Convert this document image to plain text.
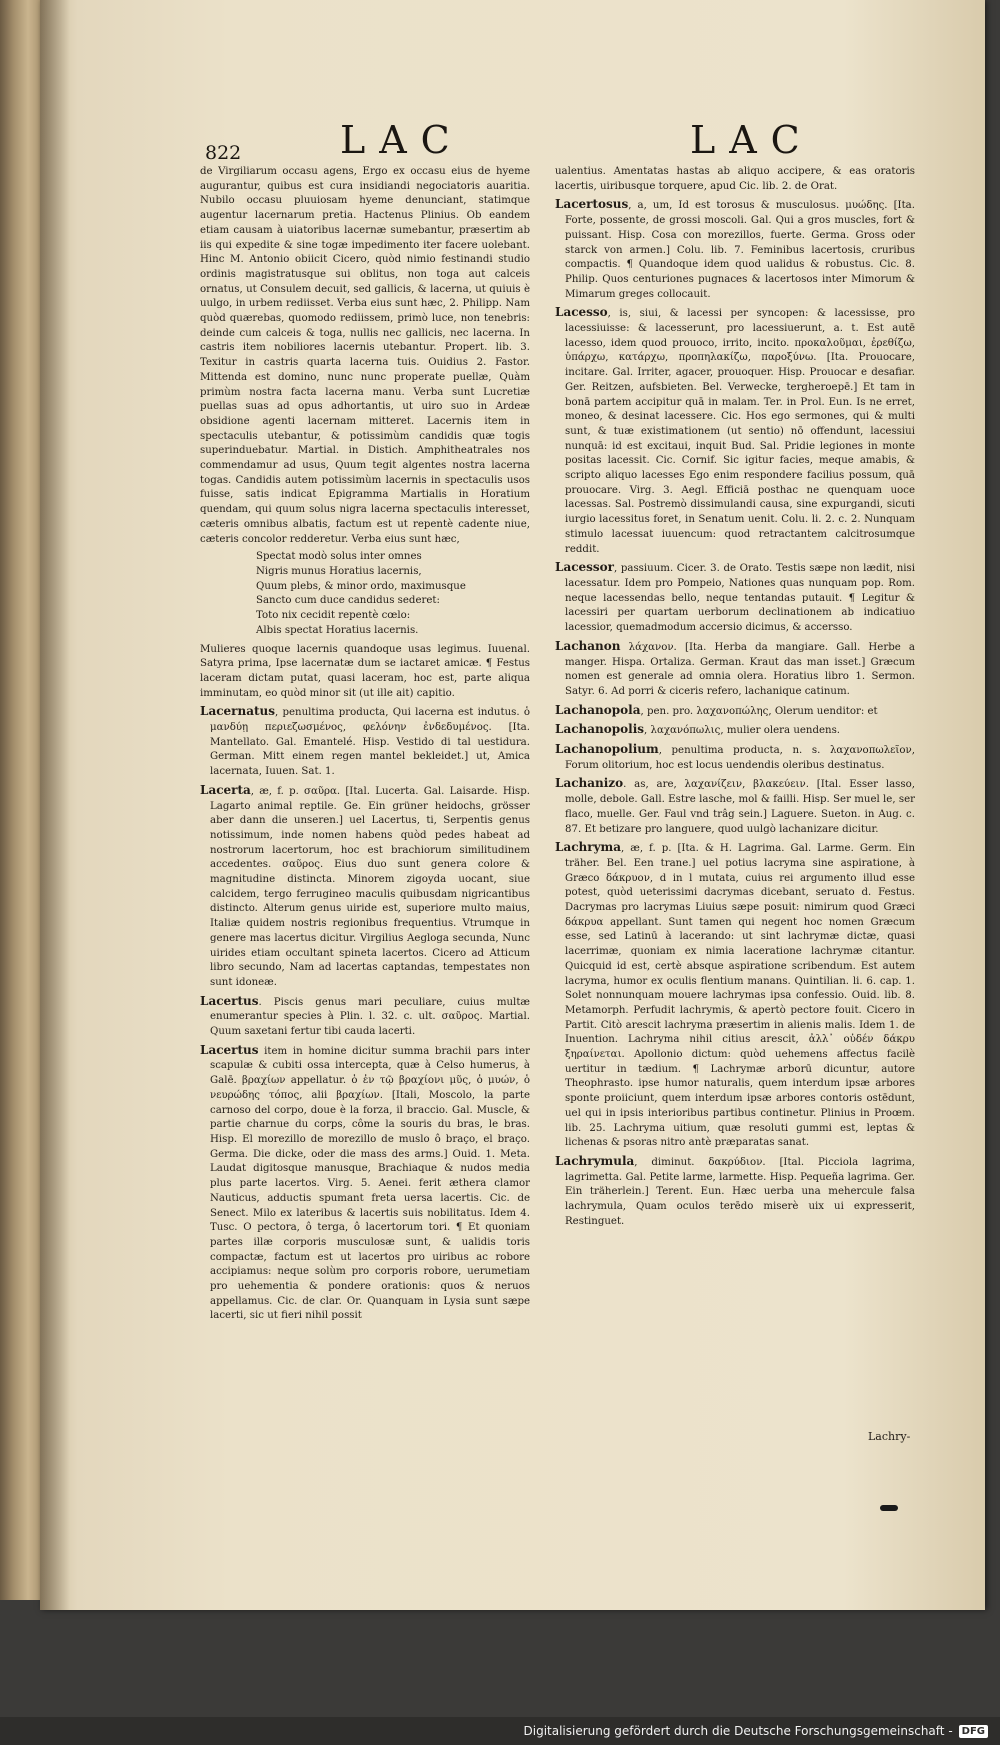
822	LAC	LAC

de Virgiliarum occasu agens, Ergo ex occasu eius de hyeme augurantur, quibus est cura insidiandi negociatoris auaritia. Nubilo occasu pluuiosam hyeme denunciant, statimque augentur lacernarum pretia. Hactenus Plinius. Ob eandem etiam causam à uiatoribus lacernæ sumebantur, præsertim ab iis qui expedite & sine togæ impedimento iter facere uolebant. Hinc M. Antonio obiicit Cicero, quòd nimio festinandi studio ordinis magistratusque sui oblitus, non toga aut calceis ornatus, ut Consulem decuit, sed gallicis, & lacerna, ut quiuis è uulgo, in urbem rediisset. Verba eius sunt hæc, 2. Philipp. Nam quòd quærebas, quomodo rediissem, primò luce, non tenebris: deinde cum calceis & toga, nullis nec gallicis, nec lacerna. In castris item nobiliores lacernis utebantur. Propert. lib. 3. Texitur in castris quarta lacerna tuis. Ouidius 2. Fastor. Mittenda est domino, nunc nunc properate puellæ, Quàm primùm nostra facta lacerna manu. Verba sunt Lucretiæ puellas suas ad opus adhortantis, ut uiro suo in Ardeæ obsidione agenti lacernam mitteret. Lacernis item in spectaculis utebantur, & potissimùm candidis quæ togis superinduebatur. Martial. in Distich. Amphitheatrales nos commendamur ad usus, Quum tegit algentes nostra lacerna togas. Candidis autem potissimùm lacernis in spectaculis usos fuisse, satis indicat Epigramma Martialis in Horatium quendam, qui quum solus nigra lacerna spectaculis interesset, cæteris omnibus albatis, factum est ut repentè cadente niue, cæteris concolor redderetur. Verba eius sunt hæc,

Spectat modò solus inter omnes
Nigris munus Horatius lacernis,
Quum plebs, & minor ordo, maximusque
Sancto cum duce candidus sederet:
Toto nix cecidit repentè cœlo:
Albis spectat Horatius lacernis.

Mulieres quoque lacernis quandoque usas legimus. Iuuenal. Satyra prima, Ipse lacernatæ dum se iactaret amicæ. ¶ Festus laceram dictam putat, quasi laceram, hoc est, parte aliqua imminutam, eo quòd minor sit (ut ille ait) capitio.

Lacernatus, penultima producta, Qui lacerna est indutus. ὁ μανδύῃ περιεζωσμένος, φελόνην ἐνδεδυμένος. [Ita. Mantellato. Gal. Emantelé. Hisp. Vestido di tal uestidura. German. Mitt einem regen mantel bekleidet.] ut, Amica lacernata, Iuuen. Sat. 1.

Lacerta, æ, f. p. σαῦρα. [Ital. Lucerta. Gal. Laisarde. Hisp. Lagarto animal reptile. Ge. Ein grüner heidochs, grösser aber dann die unseren.] uel Lacertus, ti, Serpentis genus notissimum, inde nomen habens quòd pedes habeat ad nostrorum lacertorum, hoc est brachiorum similitudinem accedentes. σαῦρος. Eius duo sunt genera colore & magnitudine distincta. Minorem zigoyda uocant, siue calcidem, tergo ferrugineo maculis quibusdam nigricantibus distincto. Alterum genus uiride est, superiore multo maius, Italiæ quidem nostris regionibus frequentius. Vtrumque in genere mas lacertus dicitur. Virgilius Aegloga secunda, Nunc uirides etiam occultant spineta lacertos. Cicero ad Atticum libro secundo, Nam ad lacertas captandas, tempestates non sunt idoneæ.

Lacertus. Piscis genus mari peculiare, cuius multæ enumerantur species à Plin. l. 32. c. ult. σαῦρος. Martial. Quum saxetani fertur tibi cauda lacerti.

Lacertus item in homine dicitur summa brachii pars inter scapulæ & cubiti ossa intercepta, quæ à Celso humerus, à Galē. βραχίων appellatur. ὁ ἐν τῷ βραχίονι μῦς, ὁ μυών, ὁ νευρώδης τόπος, alii βραχίων. [Itali, Moscolo, la parte carnoso del corpo, doue è la forza, il braccio. Gal. Muscle, & partie charnue du corps, côme la souris du bras, le bras. Hisp. El morezillo de morezillo de muslo ô braço, el braço. Germa. Die dicke, oder die mass des arms.] Ouid. 1. Meta. Laudat digitosque manusque, Brachiaque & nudos media plus parte lacertos. Virg. 5. Aenei. ferit æthera clamor Nauticus, adductis spumant freta uersa lacertis. Cic. de Senect. Milo ex lateribus & lacertis suis nobilitatus. Idem 4. Tusc. O pectora, ô terga, ô lacertorum tori. ¶ Et quoniam partes illæ corporis musculosæ sunt, & ualidis toris compactæ, factum est ut lacertos pro uiribus ac robore accipiamus: neque solùm pro corporis robore, uerumetiam pro uehementia & pondere orationis: quos & neruos appellamus. Cic. de clar. Or. Quanquam in Lysia sunt sæpe lacerti, sic ut fieri nihil possit

ualentius. Amentatas hastas ab aliquo accipere, & eas oratoris lacertis, uiribusque torquere, apud Cic. lib. 2. de Orat.

Lacertosus, a, um, Id est torosus & musculosus. μυώδης. [Ita. Forte, possente, de grossi moscoli. Gal. Qui a gros muscles, fort & puissant. Hisp. Cosa con morezillos, fuerte. Germa. Gross oder starck von armen.] Colu. lib. 7. Feminibus lacertosis, cruribus compactis. ¶ Quandoque idem quod ualidus & robustus. Cic. 8. Philip. Quos centuriones pugnaces & lacertosos inter Mimorum & Mimarum greges collocauit.

Lacesso, is, siui, & lacessi per syncopen: & lacessisse, pro lacessiuisse: & lacesserunt, pro lacessiuerunt, a. t. Est autē lacesso, idem quod prouoco, irrito, incito. προκαλοῦμαι, ἐρεθίζω, ὑπάρχω, κατάρχω, προπηλακίζω, παροξύνω. [Ita. Prouocare, incitare. Gal. Irriter, agacer, prouoquer. Hisp. Prouocar e desafiar. Ger. Reitzen, aufsbieten. Bel. Verwecke, tergheroepē.] Et tam in bonā partem accipitur quā in malam. Ter. in Prol. Eun. Is ne erret, moneo, & desinat lacessere. Cic. Hos ego sermones, qui & multi sunt, & tuæ existimationem (ut sentio) nō offendunt, lacessiui nunquā: id est excitaui, inquit Bud. Sal. Pridie legiones in monte positas lacessit. Cic. Cornif. Sic igitur facies, meque amabis, & scripto aliquo lacesses Ego enim respondere facilius possum, quā prouocare. Virg. 3. Aegl. Efficiā posthac ne quenquam uoce lacessas. Sal. Postremò dissimulandi causa, sine expurgandi, sicuti iurgio lacessitus foret, in Senatum uenit. Colu. li. 2. c. 2. Nunquam stimulo lacessat iuuencum: quod retractantem calcitrosumque reddit.

Lacessor, passiuum. Cicer. 3. de Orato. Testis sæpe non lædit, nisi lacessatur. Idem pro Pompeio, Nationes quas nunquam pop. Rom. neque lacessendas bello, neque tentandas putauit. ¶ Legitur & lacessiri per quartam uerborum declinationem ab indicatiuo lacessior, quemadmodum accersio dicimus, & accersso.

Lachanon λάχανον. [Ita. Herba da mangiare. Gall. Herbe a manger. Hispa. Ortaliza. German. Kraut das man isset.] Græcum nomen est generale ad omnia olera. Horatius libro 1. Sermon. Satyr. 6. Ad porri & ciceris refero, lachanique catinum.

Lachanopola, pen. pro. λαχανοπώλης, Olerum uenditor: et

Lachanopolis, λαχανόπωλις, mulier olera uendens.

Lachanopolium, penultima producta, n. s. λαχανοπωλεῖον, Forum olitorium, hoc est locus uendendis oleribus destinatus.

Lachanizo. as, are, λαχανίζειν, βλακεύειν. [Ital. Esser lasso, molle, debole. Gall. Estre lasche, mol & failli. Hisp. Ser muel le, ser flaco, muelle. Ger. Faul vnd trâg sein.] Laguere. Sueton. in Aug. c. 87. Et betizare pro languere, quod uulgò lachanizare dicitur.

Lachryma, æ, f. p. [Ita. & H. Lagrima. Gal. Larme. Germ. Ein träher. Bel. Een trane.] uel potius lacryma sine aspiratione, à Græco δάκρυον, d in l mutata, cuius rei argumento illud esse potest, quòd ueterissimi dacrymas dicebant, seruato d. Festus. Dacrymas pro lacrymas Liuius sæpe posuit: nimirum quod Græci δάκρυα appellant. Sunt tamen qui negent hoc nomen Græcum esse, sed Latinū à lacerando: ut sint lachrymæ dictæ, quasi lacerrimæ, quoniam ex nimia laceratione lachrymæ citantur. Quicquid id est, certè absque aspiratione scribendum. Est autem lacryma, humor ex oculis flentium manans. Quintilian. li. 6. cap. 1. Solet nonnunquam mouere lachrymas ipsa confessio. Ouid. lib. 8. Metamorph. Perfudit lachrymis, & apertò pectore fouit. Cicero in Partit. Citò arescit lachryma præsertim in alienis malis. Idem 1. de Inuention. Lachryma nihil citius arescit, ἀλλ᾽ οὐδέν δάκρυ ξηραίνεται. Apollonio dictum: quòd uehemens affectus facilè uertitur in tædium. ¶ Lachrymæ arborū dicuntur, autore Theophrasto. ipse humor naturalis, quem interdum ipsæ arbores sponte proiiciunt, quem interdum ipsæ arbores contoris ostēdunt, uel qui in ipsis interioribus partibus continetur. Plinius in Proœm. lib. 25. Lachryma uitium, quæ resoluti gummi est, leptas & lichenas & psoras nitro antè præparatas sanat.

Lachrymula, diminut. δακρύδιον. [Ital. Picciola lagrima, lagrimetta. Gal. Petite larme, larmette. Hisp. Pequeña lagrima. Ger. Ein träherlein.] Terent. Eun. Hæc uerba una mehercule falsa lachrymula, Quam oculos terēdo miserè uix ui expresserit, Restinguet.

Lachry-
Digitalisierung gefördert durch die Deutsche Forschungsgemeinschaft - DFG
